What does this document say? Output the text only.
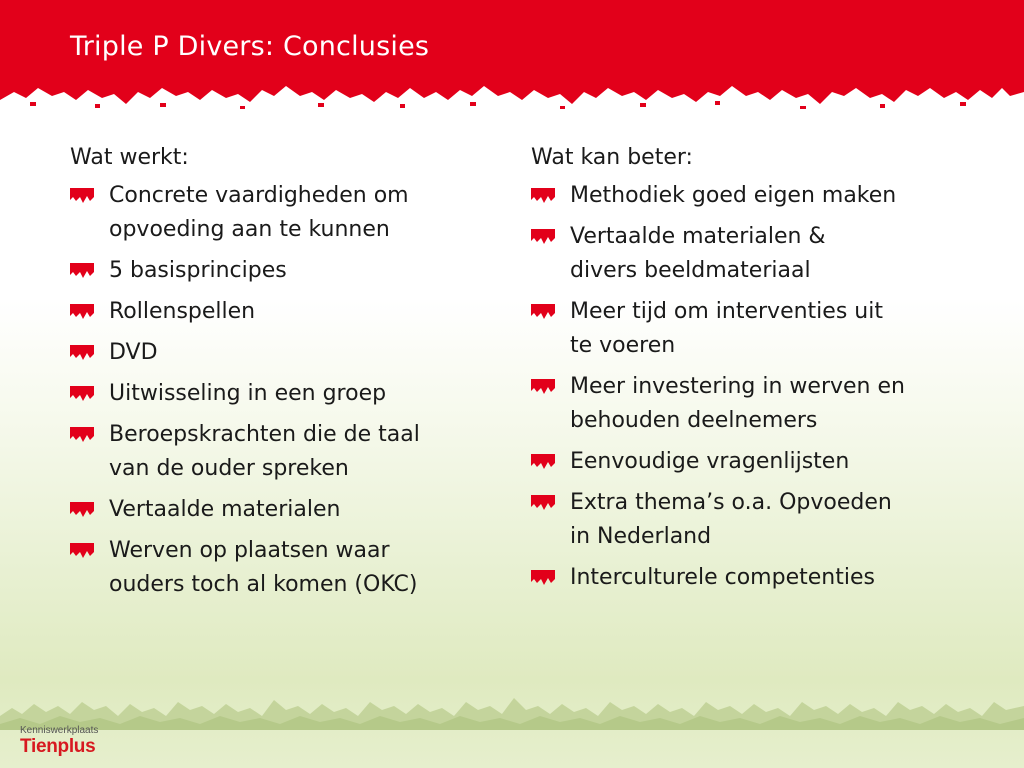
Triple P Divers: Conclusies
Wat werkt:
Concrete vaardigheden om
opvoeding aan te kunnen
5 basisprincipes
Rollenspellen
DVD
Uitwisseling in een groep
Beroepskrachten die de taal
van de ouder spreken
Vertaalde materialen
Werven op plaatsen waar
ouders toch al komen (OKC)
Wat kan beter:
Methodiek goed eigen maken
Vertaalde materialen &
divers beeldmateriaal
Meer tijd om interventies uit
te voeren
Meer investering in werven en
behouden deelnemers
Eenvoudige vragenlijsten
Extra thema’s o.a. Opvoeden
in Nederland
Interculturele competenties
Kenniswerkplaats
Tienplus
